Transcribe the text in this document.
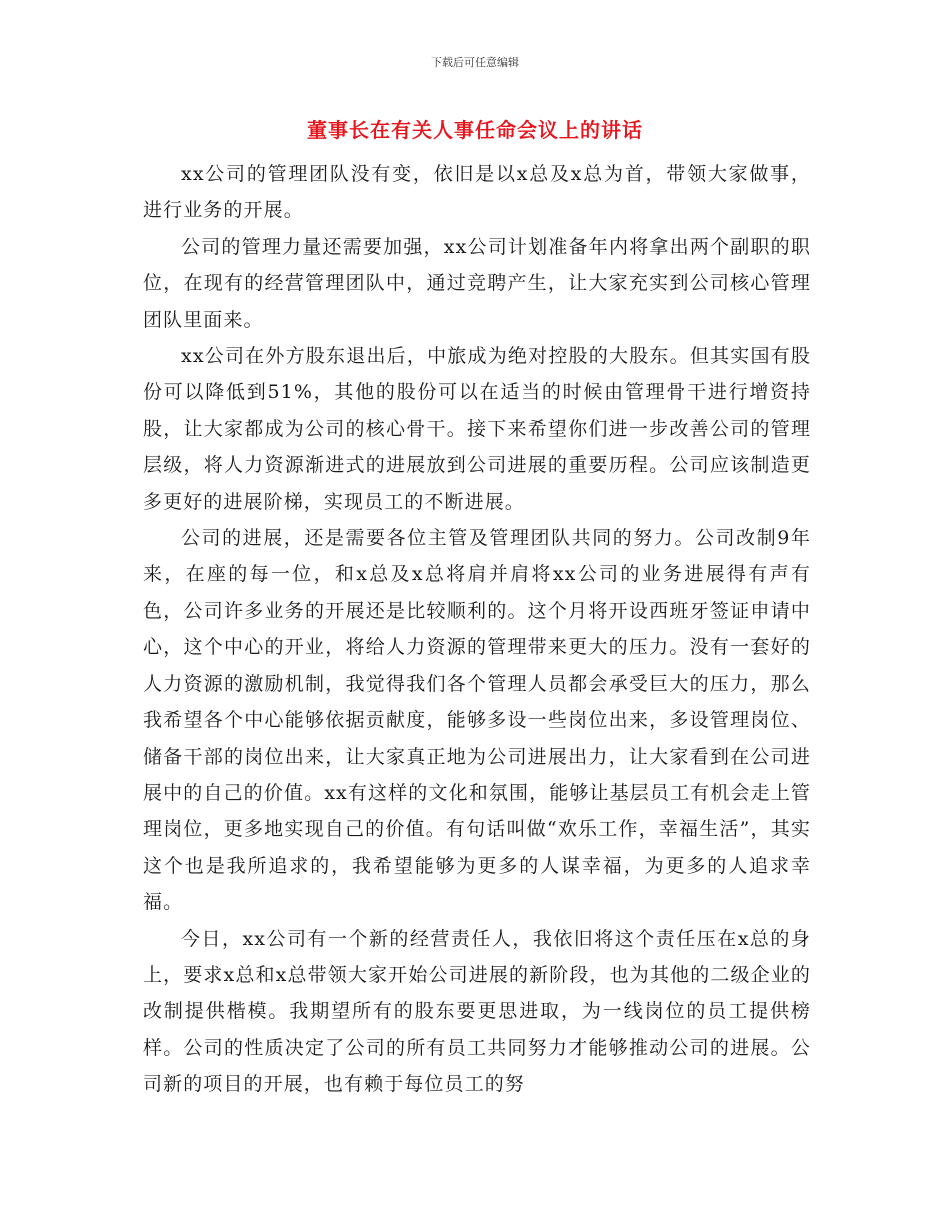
下载后可任意编辑
董事长在有关人事任命会议上的讲话

xx公司的管理团队没有变，依旧是以x总及x总为首，带领大家做事，进行业务的开展。

公司的管理力量还需要加强，xx公司计划准备年内将拿出两个副职的职位，在现有的经营管理团队中，通过竞聘产生，让大家充实到公司核心管理团队里面来。

xx公司在外方股东退出后，中旅成为绝对控股的大股东。但其实国有股份可以降低到51%，其他的股份可以在适当的时候由管理骨干进行增资持股，让大家都成为公司的核心骨干。接下来希望你们进一步改善公司的管理层级，将人力资源渐进式的进展放到公司进展的重要历程。公司应该制造更多更好的进展阶梯，实现员工的不断进展。

公司的进展，还是需要各位主管及管理团队共同的努力。公司改制9年来，在座的每一位，和x总及x总将肩并肩将xx公司的业务进展得有声有色，公司许多业务的开展还是比较顺利的。这个月将开设西班牙签证申请中心，这个中心的开业，将给人力资源的管理带来更大的压力。没有一套好的人力资源的激励机制，我觉得我们各个管理人员都会承受巨大的压力，那么我希望各个中心能够依据贡献度，能够多设一些岗位出来，多设管理岗位、储备干部的岗位出来，让大家真正地为公司进展出力，让大家看到在公司进展中的自己的价值。xx有这样的文化和氛围，能够让基层员工有机会走上管理岗位，更多地实现自己的价值。有句话叫做“欢乐工作，幸福生活”，其实这个也是我所追求的，我希望能够为更多的人谋幸福，为更多的人追求幸福。

今日，xx公司有一个新的经营责任人，我依旧将这个责任压在x总的身上，要求x总和x总带领大家开始公司进展的新阶段，也为其他的二级企业的改制提供楷模。我期望所有的股东要更思进取，为一线岗位的员工提供榜样。公司的性质决定了公司的所有员工共同努力才能够推动公司的进展。公司新的项目的开展，也有赖于每位员工的努
